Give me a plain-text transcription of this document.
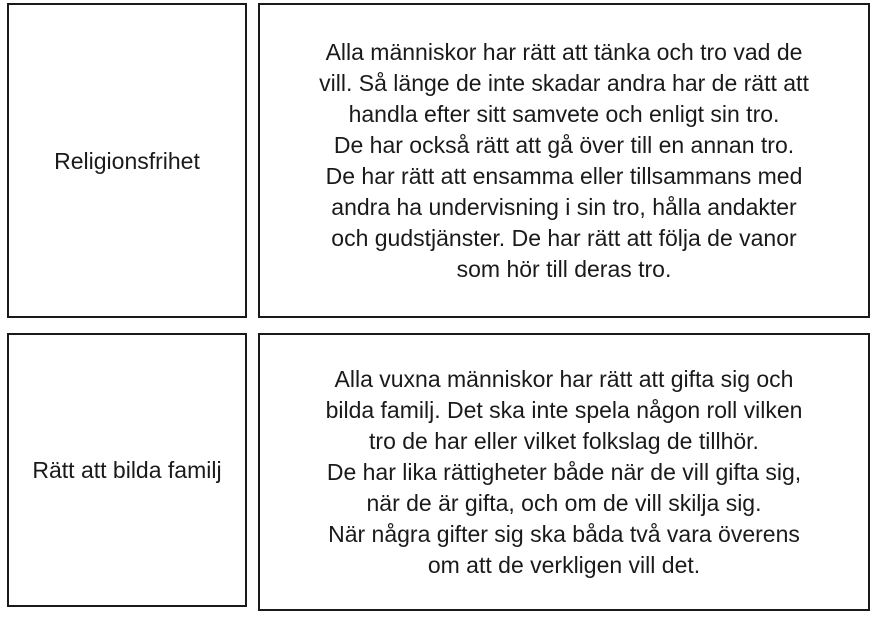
Religionsfrihet
Alla människor har rätt att tänka och tro vad de
vill. Så länge de inte skadar andra har de rätt att
handla efter sitt samvete och enligt sin tro.
De har också rätt att gå över till en annan tro.
De har rätt att ensamma eller tillsammans med
andra ha undervisning i sin tro, hålla andakter
och gudstjänster. De har rätt att följa de vanor
som hör till deras tro.
Rätt att bilda familj
Alla vuxna människor har rätt att gifta sig och
bilda familj. Det ska inte spela någon roll vilken
tro de har eller vilket folkslag de tillhör.
De har lika rättigheter både när de vill gifta sig,
när de är gifta, och om de vill skilja sig.
När några gifter sig ska båda två vara överens
om att de verkligen vill det.
